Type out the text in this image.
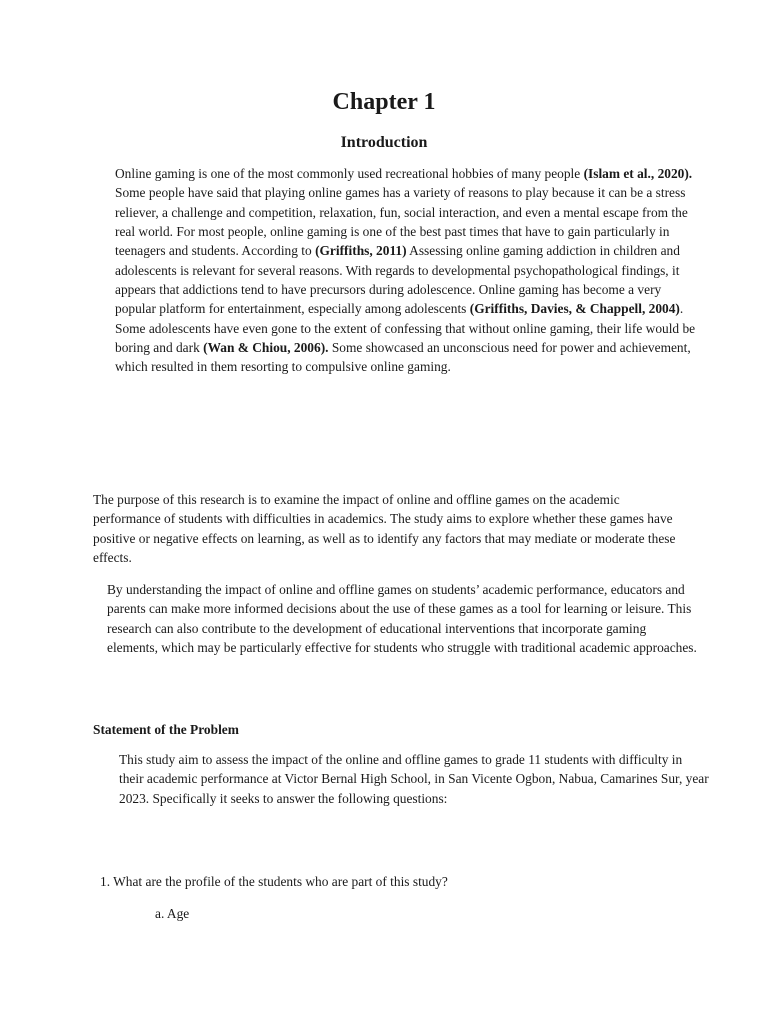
Chapter 1
Introduction

Online gaming is one of the most commonly used recreational hobbies of many people (Islam et al., 2020). Some people have said that playing online games has a variety of reasons to play because it can be a stress reliever, a challenge and competition, relaxation, fun, social interaction, and even a mental escape from the real world. For most people, online gaming is one of the best past times that have to gain particularly in teenagers and students. According to (Griffiths, 2011) Assessing online gaming addiction in children and adolescents is relevant for several reasons. With regards to developmental psychopathological findings, it appears that addictions tend to have precursors during adolescence. Online gaming has become a very popular platform for entertainment, especially among adolescents (Griffiths, Davies, & Chappell, 2004). Some adolescents have even gone to the extent of confessing that without online gaming, their life would be boring and dark (Wan & Chiou, 2006). Some showcased an unconscious need for power and achievement, which resulted in them resorting to compulsive online gaming.

The purpose of this research is to examine the impact of online and offline games on the academic performance of students with difficulties in academics. The study aims to explore whether these games have positive or negative effects on learning, as well as to identify any factors that may mediate or moderate these effects.

By understanding the impact of online and offline games on students’ academic performance, educators and parents can make more informed decisions about the use of these games as a tool for learning or leisure. This research can also contribute to the development of educational interventions that incorporate gaming elements, which may be particularly effective for students who struggle with traditional academic approaches.

Statement of the Problem

This study aim to assess the impact of the online and offline games to grade 11 students with difficulty in their academic performance at Victor Bernal High School, in San Vicente Ogbon, Nabua, Camarines Sur, year 2023. Specifically it seeks to answer the following questions:

1. What are the profile of the students who are part of this study?
a. Age
